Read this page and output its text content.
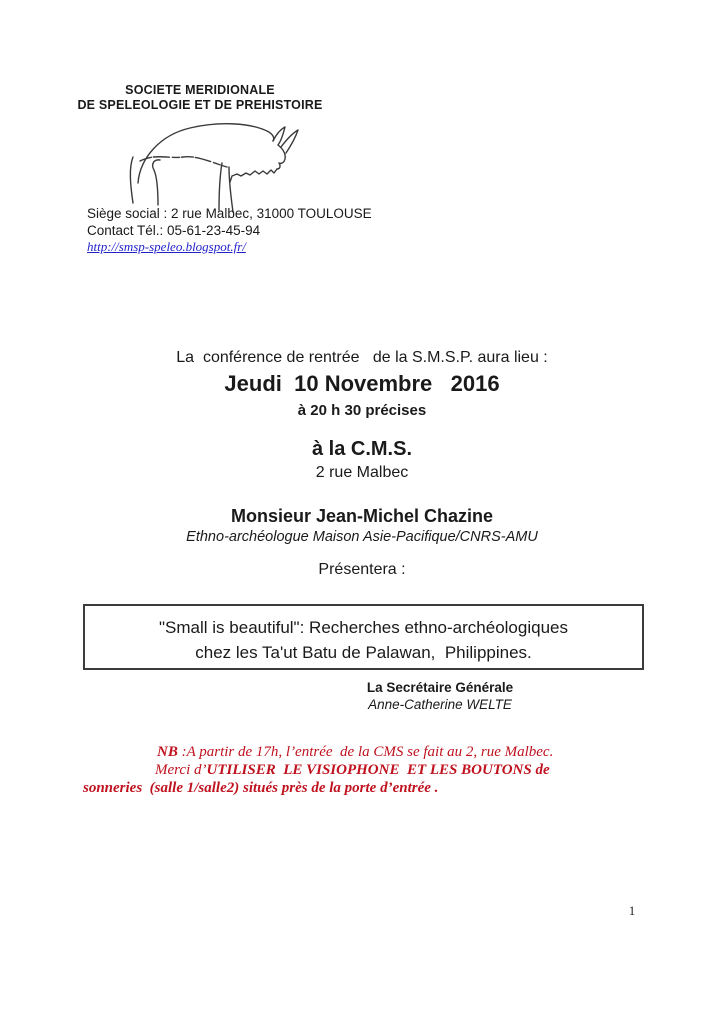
SOCIETE MERIDIONALE
DE SPELEOLOGIE ET DE PREHISTOIRE
Siège social : 2 rue Malbec, 31000 TOULOUSE
Contact Tél.: 05-61-23-45-94
http://smsp-speleo.blogspot.fr/
La  conférence de rentrée   de la S.M.S.P. aura lieu :
Jeudi  10 Novembre   2016
à 20 h 30 précises
à la C.M.S.
2 rue Malbec
Monsieur Jean-Michel Chazine
Ethno-archéologue Maison Asie-Pacifique/CNRS-AMU
Présentera :
"Small is beautiful": Recherches ethno-archéologiques
chez les Ta'ut Batu de Palawan,  Philippines.
La Secrétaire Générale
Anne-Catherine WELTE
NB :A partir de 17h, l’entrée  de la CMS se fait au 2, rue Malbec.
Merci d’UTILISER  LE VISIOPHONE  ET LES BOUTONS de
sonneries  (salle 1/salle2) situés près de la porte d’entrée .
1
